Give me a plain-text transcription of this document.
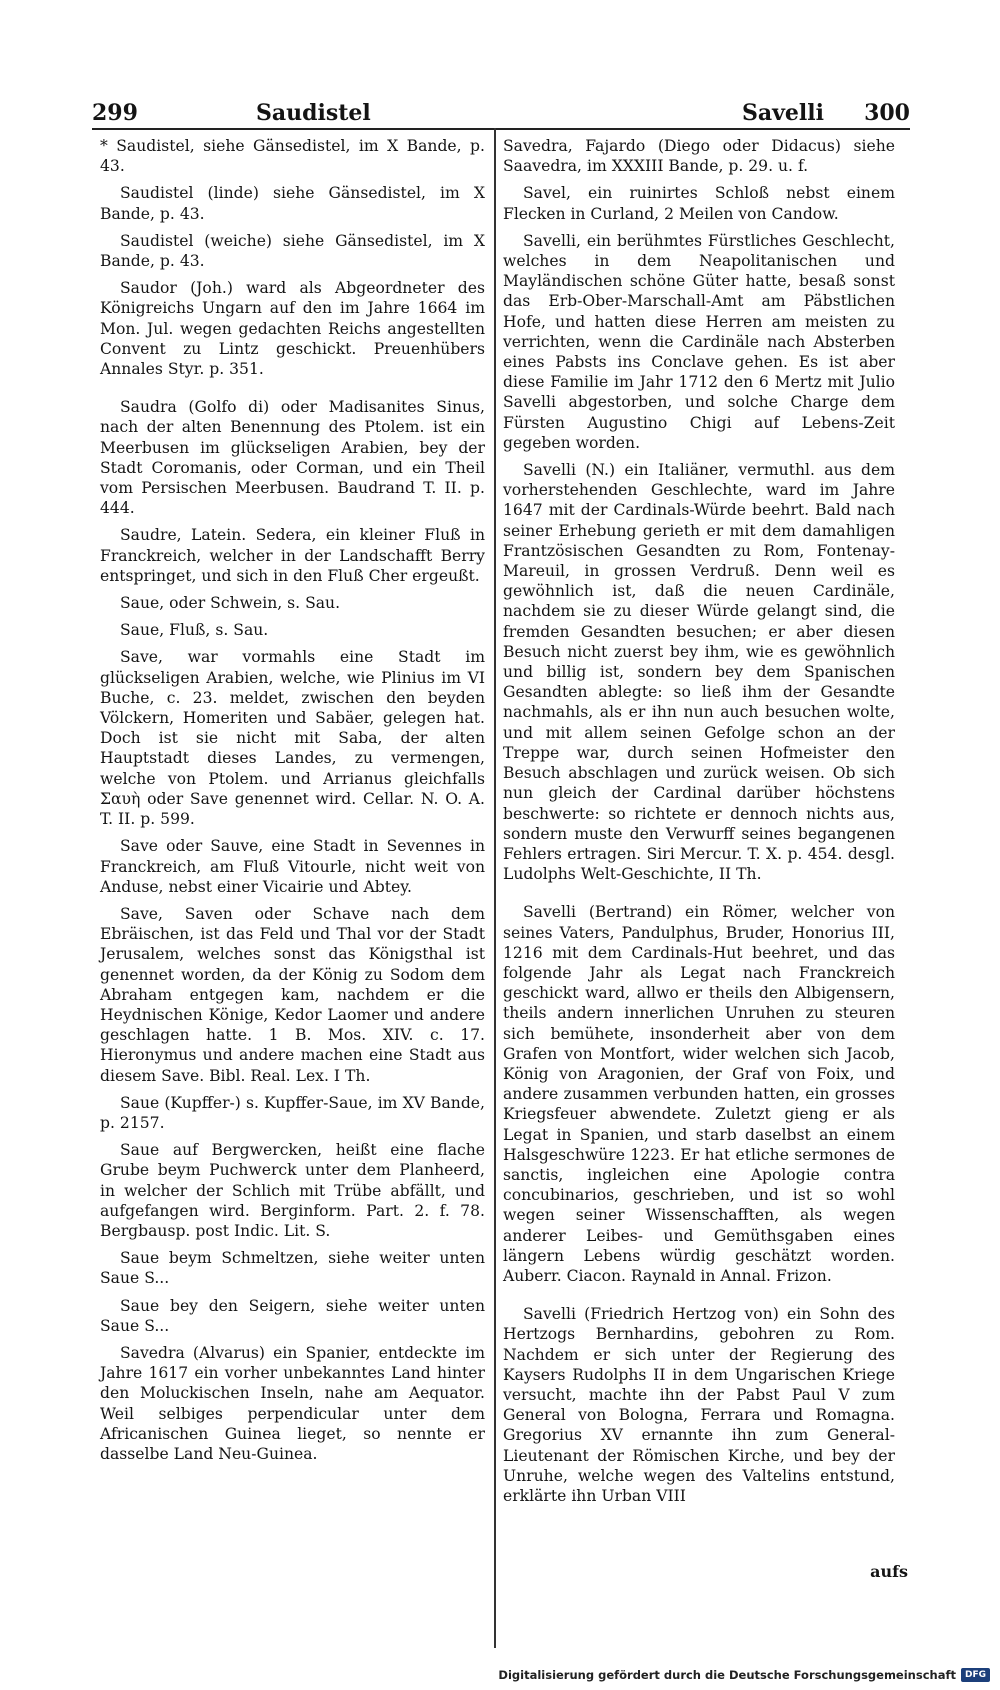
299	Saudistel	Savelli 300

* Saudistel, siehe Gänsedistel, im X Bande, p. 43.

Saudistel (linde) siehe Gänsedistel, im X Bande, p. 43.

Saudistel (weiche) siehe Gänsedistel, im X Bande, p. 43.

Saudor (Joh.) ward als Abgeordneter des Königreichs Ungarn auf den im Jahre 1664 im Mon. Jul. wegen gedachten Reichs angestellten Convent zu Lintz geschickt. Preuenhübers Annales Styr. p. 351.

Saudra (Golfo di) oder Madisanites Sinus, nach der alten Benennung des Ptolem. ist ein Meerbusen im glückseligen Arabien, bey der Stadt Coromanis, oder Corman, und ein Theil vom Persischen Meerbusen. Baudrand T. II. p. 444.

Saudre, Latein. Sedera, ein kleiner Fluß in Franckreich, welcher in der Landschafft Berry entspringet, und sich in den Fluß Cher ergeußt.

Saue, oder Schwein, s. Sau.

Saue, Fluß, s. Sau.

Save, war vormahls eine Stadt im glückseligen Arabien, welche, wie Plinius im VI Buche, c. 23. meldet, zwischen den beyden Völckern, Homeriten und Sabäer, gelegen hat. Doch ist sie nicht mit Saba, der alten Hauptstadt dieses Landes, zu vermengen, welche von Ptolem. und Arrianus gleichfalls Σαυὴ oder Save genennet wird. Cellar. N. O. A. T. II. p. 599.

Save oder Sauve, eine Stadt in Sevennes in Franckreich, am Fluß Vitourle, nicht weit von Anduse, nebst einer Vicairie und Abtey.

Save, Saven oder Schave nach dem Ebräischen, ist das Feld und Thal vor der Stadt Jerusalem, welches sonst das Königsthal ist genennet worden, da der König zu Sodom dem Abraham entgegen kam, nachdem er die Heydnischen Könige, Kedor Laomer und andere geschlagen hatte. 1 B. Mos. XIV. c. 17. Hieronymus und andere machen eine Stadt aus diesem Save. Bibl. Real. Lex. I Th.

Saue (Kupffer-) s. Kupffer-Saue, im XV Bande, p. 2157.

Saue auf Bergwercken, heißt eine flache Grube beym Puchwerck unter dem Planheerd, in welcher der Schlich mit Trübe abfällt, und aufgefangen wird. Berginform. Part. 2. f. 78. Bergbausp. post Indic. Lit. S.

Saue beym Schmeltzen, siehe weiter unten Saue S...

Saue bey den Seigern, siehe weiter unten Saue S...

Savedra (Alvarus) ein Spanier, entdeckte im Jahre 1617 ein vorher unbekanntes Land hinter den Moluckischen Inseln, nahe am Aequator. Weil selbiges perpendicular unter dem Africanischen Guinea lieget, so nennte er dasselbe Land Neu-Guinea.

Savedra, Fajardo (Diego oder Didacus) siehe Saavedra, im XXXIII Bande, p. 29. u. f.

Savel, ein ruinirtes Schloß nebst einem Flecken in Curland, 2 Meilen von Candow.

Savelli, ein berühmtes Fürstliches Geschlecht, welches in dem Neapolitanischen und Mayländischen schöne Güter hatte, besaß sonst das Erb-Ober-Marschall-Amt am Päbstlichen Hofe, und hatten diese Herren am meisten zu verrichten, wenn die Cardinäle nach Absterben eines Pabsts ins Conclave gehen. Es ist aber diese Familie im Jahr 1712 den 6 Mertz mit Julio Savelli abgestorben, und solche Charge dem Fürsten Augustino Chigi auf Lebens-Zeit gegeben worden.

Savelli (N.) ein Italiäner, vermuthl. aus dem vorherstehenden Geschlechte, ward im Jahre 1647 mit der Cardinals-Würde beehrt. Bald nach seiner Erhebung gerieth er mit dem damahligen Frantzösischen Gesandten zu Rom, Fontenay-Mareuil, in grossen Verdruß. Denn weil es gewöhnlich ist, daß die neuen Cardinäle, nachdem sie zu dieser Würde gelangt sind, die fremden Gesandten besuchen; er aber diesen Besuch nicht zuerst bey ihm, wie es gewöhnlich und billig ist, sondern bey dem Spanischen Gesandten ablegte: so ließ ihm der Gesandte nachmahls, als er ihn nun auch besuchen wolte, und mit allem seinen Gefolge schon an der Treppe war, durch seinen Hofmeister den Besuch abschlagen und zurück weisen. Ob sich nun gleich der Cardinal darüber höchstens beschwerte: so richtete er dennoch nichts aus, sondern muste den Verwurff seines begangenen Fehlers ertragen. Siri Mercur. T. X. p. 454. desgl. Ludolphs Welt-Geschichte, II Th.

Savelli (Bertrand) ein Römer, welcher von seines Vaters, Pandulphus, Bruder, Honorius III, 1216 mit dem Cardinals-Hut beehret, und das folgende Jahr als Legat nach Franckreich geschickt ward, allwo er theils den Albigensern, theils andern innerlichen Unruhen zu steuren sich bemühete, insonderheit aber von dem Grafen von Montfort, wider welchen sich Jacob, König von Aragonien, der Graf von Foix, und andere zusammen verbunden hatten, ein grosses Kriegsfeuer abwendete. Zuletzt gieng er als Legat in Spanien, und starb daselbst an einem Halsgeschwüre 1223. Er hat etliche sermones de sanctis, ingleichen eine Apologie contra concubinarios, geschrieben, und ist so wohl wegen seiner Wissenschafften, als wegen anderer Leibes- und Gemüthsgaben eines längern Lebens würdig geschätzt worden. Auberr. Ciacon. Raynald in Annal. Frizon.

Savelli (Friedrich Hertzog von) ein Sohn des Hertzogs Bernhardins, gebohren zu Rom. Nachdem er sich unter der Regierung des Kaysers Rudolphs II in dem Ungarischen Kriege versucht, machte ihn der Pabst Paul V zum General von Bologna, Ferrara und Romagna. Gregorius XV ernannte ihn zum General-Lieutenant der Römischen Kirche, und bey der Unruhe, welche wegen des Valtelins entstund, erklärte ihn Urban VIII

aufs
Digitalisierung gefördert durch die Deutsche Forschungsgemeinschaft	DFG
